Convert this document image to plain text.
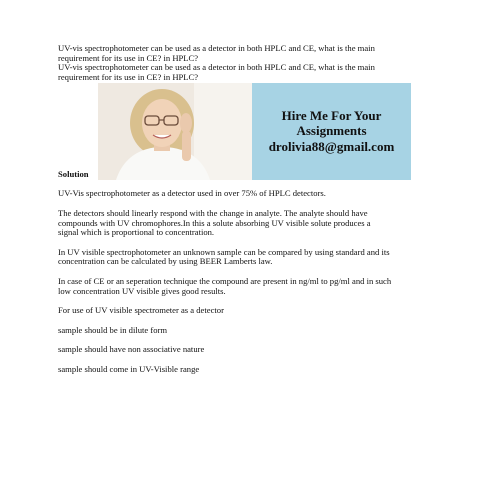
UV-vis spectrophotometer can be used as a detector in both HPLC and CE, what is the main

requirement for its use in CE? in HPLC?

UV-vis spectrophotometer can be used as a detector in both HPLC and CE, what is the main

requirement for its use in CE? in HPLC?

Solution
Hire Me For Your
Assignments
drolivia88@gmail.com

UV-Vis spectrophotometer as a detector used in over 75% of HPLC detectors.

The detectors should linearly respond with the change in analyte. The analyte should have

compounds with UV chromophores.In this a solute absorbing UV visible solute produces a

signal which is proportional to concentration.

In UV visible spectrophotometer an unknown sample can be compared by using standard and its

concentration can be calculated by using BEER Lamberts law.

In case of CE or an seperation technique the compound are present in ng/ml to pg/ml and in such

low concentration UV visible gives good results.

For use of UV visible spectrometer as a detector

sample should be in dilute form

sample should have non associative nature

sample should come in UV-Visible range
